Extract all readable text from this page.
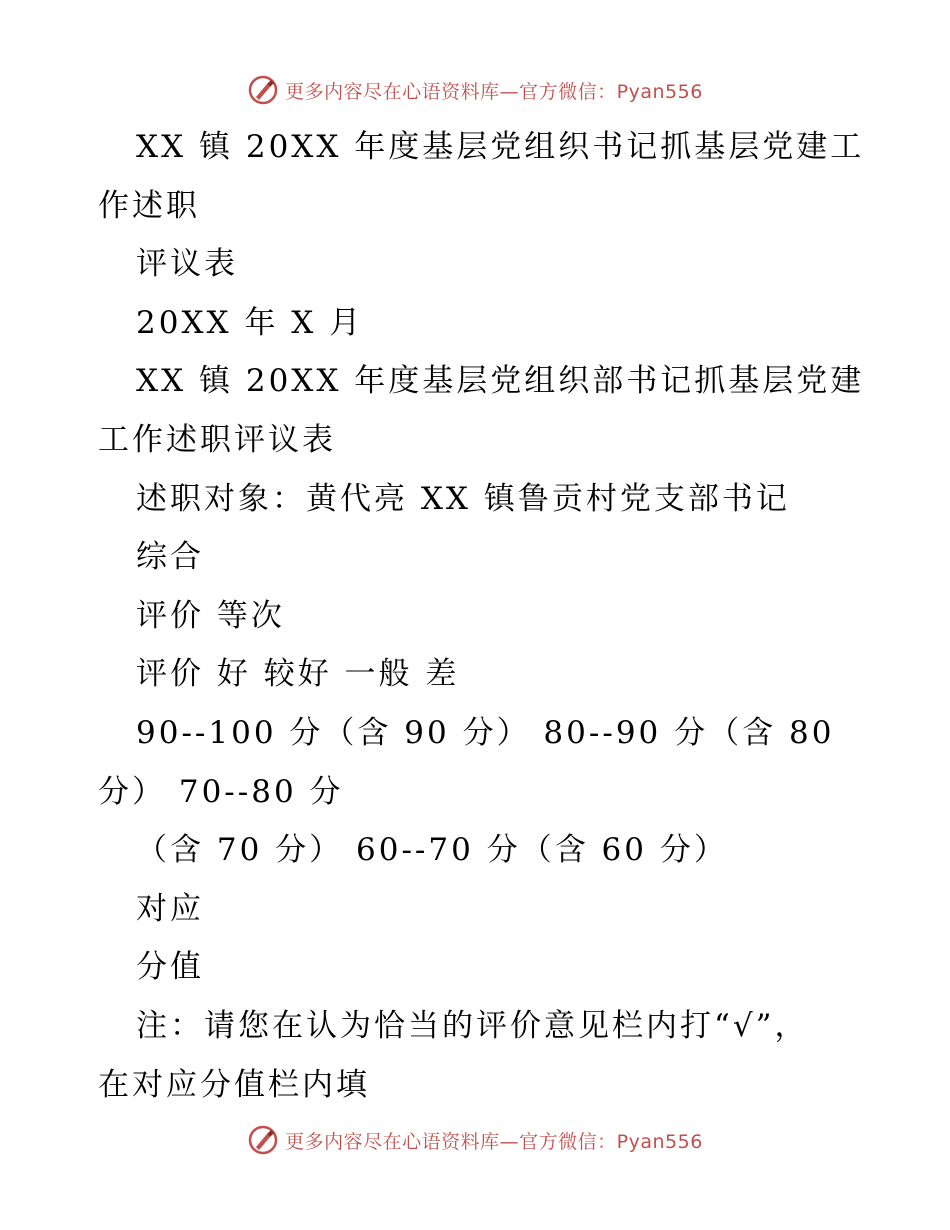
更多内容尽在心语资料库—官方微信：Pyan556
XX 镇 20XX 年度基层党组织书记抓基层党建工
作述职
评议表
20XX 年 X 月
XX 镇 20XX 年度基层党组织部书记抓基层党建
工作述职评议表
述职对象：黄代亮 XX 镇鲁贡村党支部书记
综合
评价 等次
评价 好 较好 一般 差
90--100 分（含 90 分） 80--90 分（含 80
分） 70--80 分
（含 70 分） 60--70 分（含 60 分）
对应
分值
注：请您在认为恰当的评价意见栏内打“√”，
在对应分值栏内填
更多内容尽在心语资料库—官方微信：Pyan556
